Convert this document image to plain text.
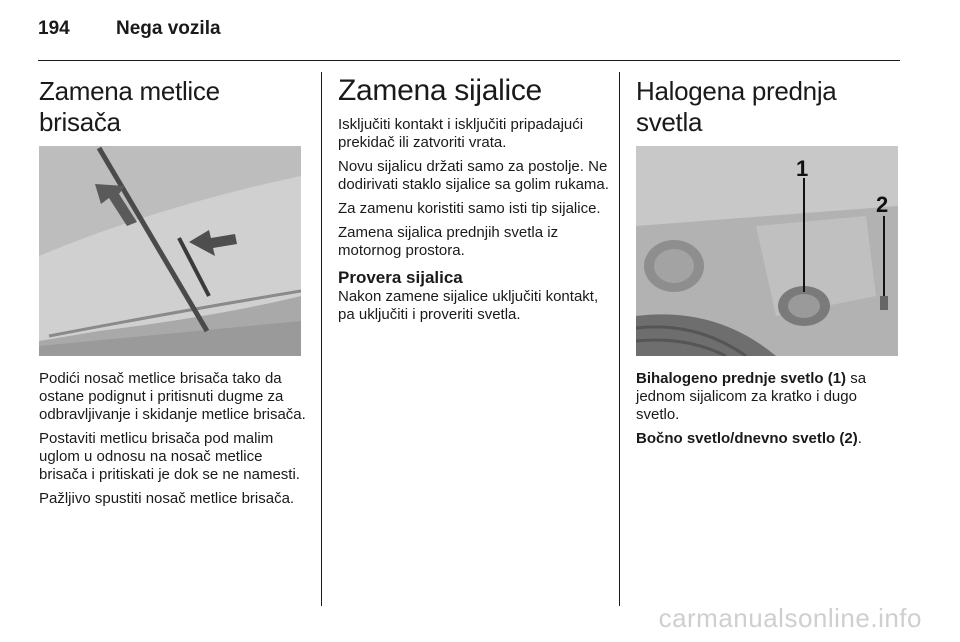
194	Nega vozila
Zamena metlice brisača

Podići nosač metlice brisača tako da ostane podignut i pritisnuti dugme za odbravljivanje i skidanje metlice brisača.

Postaviti metlicu brisača pod malim uglom u odnosu na nosač metlice brisača i pritiskati je dok se ne namesti.

Pažljivo spustiti nosač metlice brisača.

Zamena sijalice

Isključiti kontakt i isključiti pripadajući prekidač ili zatvoriti vrata.

Novu sijalicu držati samo za postolje. Ne dodirivati staklo sijalice sa golim rukama.

Za zamenu koristiti samo isti tip sijalice.

Zamena sijalica prednjih svetla iz motornog prostora.

Provera sijalica

Nakon zamene sijalice uključiti kontakt, pa uključiti i proveriti svetla.

Halogena prednja svetla
1
2

Bihalogeno prednje svetlo (1) sa jednom sijalicom za kratko i dugo svetlo.

Bočno svetlo/dnevno svetlo (2).

carmanualsonline.info
